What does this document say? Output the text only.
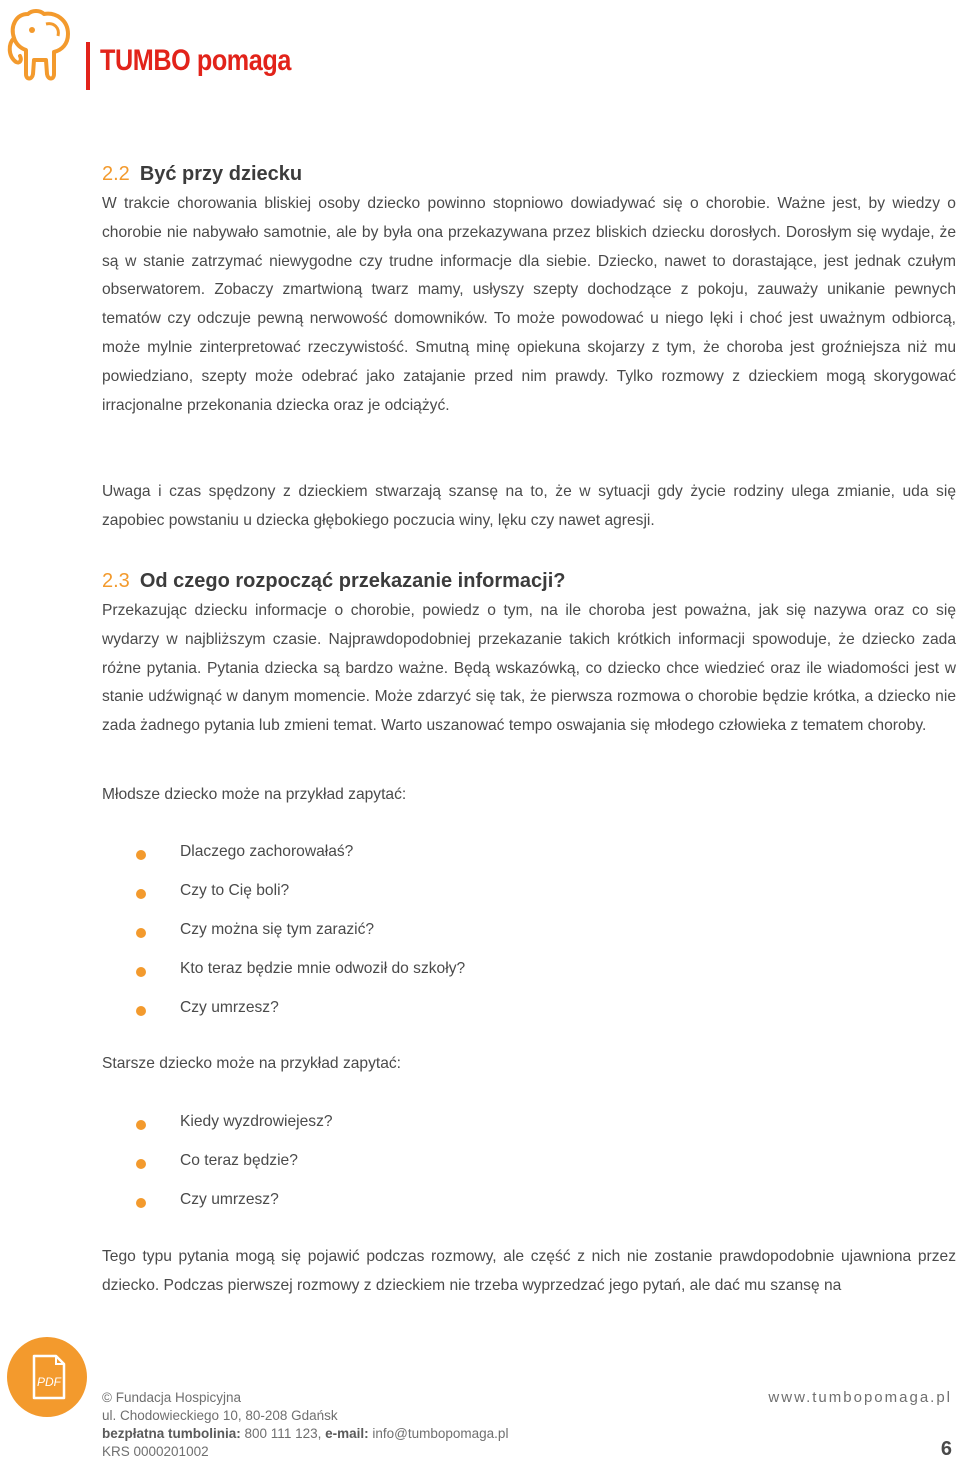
TUMBO pomaga
2.2 Być przy dziecku
W trakcie chorowania bliskiej osoby dziecko powinno stopniowo dowiadywać się o chorobie. Ważne jest, by wiedzy o chorobie nie nabywało samotnie, ale by była ona przekazywana przez bliskich dziecku dorosłych. Dorosłym się wydaje, że są w stanie zatrzymać niewygodne czy trudne informacje dla siebie. Dziecko, nawet to dorastające, jest jednak czułym obserwatorem. Zobaczy zmartwioną twarz mamy, usłyszy szepty dochodzące z pokoju, zauważy unikanie pewnych tematów czy odczuje pewną nerwowość domowników. To może powodować u niego lęki i choć jest uważnym odbiorcą, może mylnie zinterpretować rzeczywistość. Smutną minę opiekuna skojarzy z tym, że choroba jest groźniejsza niż mu powiedziano, szepty może odebrać jako zatajanie przed nim prawdy. Tylko rozmowy z dzieckiem mogą skorygować irracjonalne przekonania dziecka oraz je odciążyć.
Uwaga i czas spędzony z dzieckiem stwarzają szansę na to, że w sytuacji gdy życie rodziny ulega zmianie, uda się zapobiec powstaniu u dziecka głębokiego poczucia winy, lęku czy nawet agresji.
2.3 Od czego rozpocząć przekazanie informacji?
Przekazując dziecku informacje o chorobie, powiedz o tym, na ile choroba jest poważna, jak się nazywa oraz co się wydarzy w najbliższym czasie. Najprawdopodobniej przekazanie takich krótkich informacji spowoduje, że dziecko zada różne pytania. Pytania dziecka są bardzo ważne. Będą wskazówką, co dziecko chce wiedzieć oraz ile wiadomości jest w stanie udźwignąć w danym momencie. Może zdarzyć się tak, że pierwsza rozmowa o chorobie będzie krótka, a dziecko nie zada żadnego pytania lub zmieni temat. Warto uszanować tempo oswajania się młodego człowieka z tematem choroby.
Młodsze dziecko może na przykład zapytać:
Dlaczego zachorowałaś?
Czy to Cię boli?
Czy można się tym zarazić?
Kto teraz będzie mnie odwoził do szkoły?
Czy umrzesz?
Starsze dziecko może na przykład zapytać:
Kiedy wyzdrowiejesz?
Co teraz będzie?
Czy umrzesz?
Tego typu pytania mogą się pojawić podczas rozmowy, ale część z nich nie zostanie prawdopodobnie ujawniona przez dziecko. Podczas pierwszej rozmowy z dzieckiem nie trzeba wyprzedzać jego pytań, ale dać mu szansę na
PDF
© Fundacja Hospicyjna
ul. Chodowieckiego 10, 80-208 Gdańsk
bezpłatna tumbolinia: 800 111 123, e-mail: info@tumbopomaga.pl
KRS 0000201002
www.tumbopomaga.pl
6
